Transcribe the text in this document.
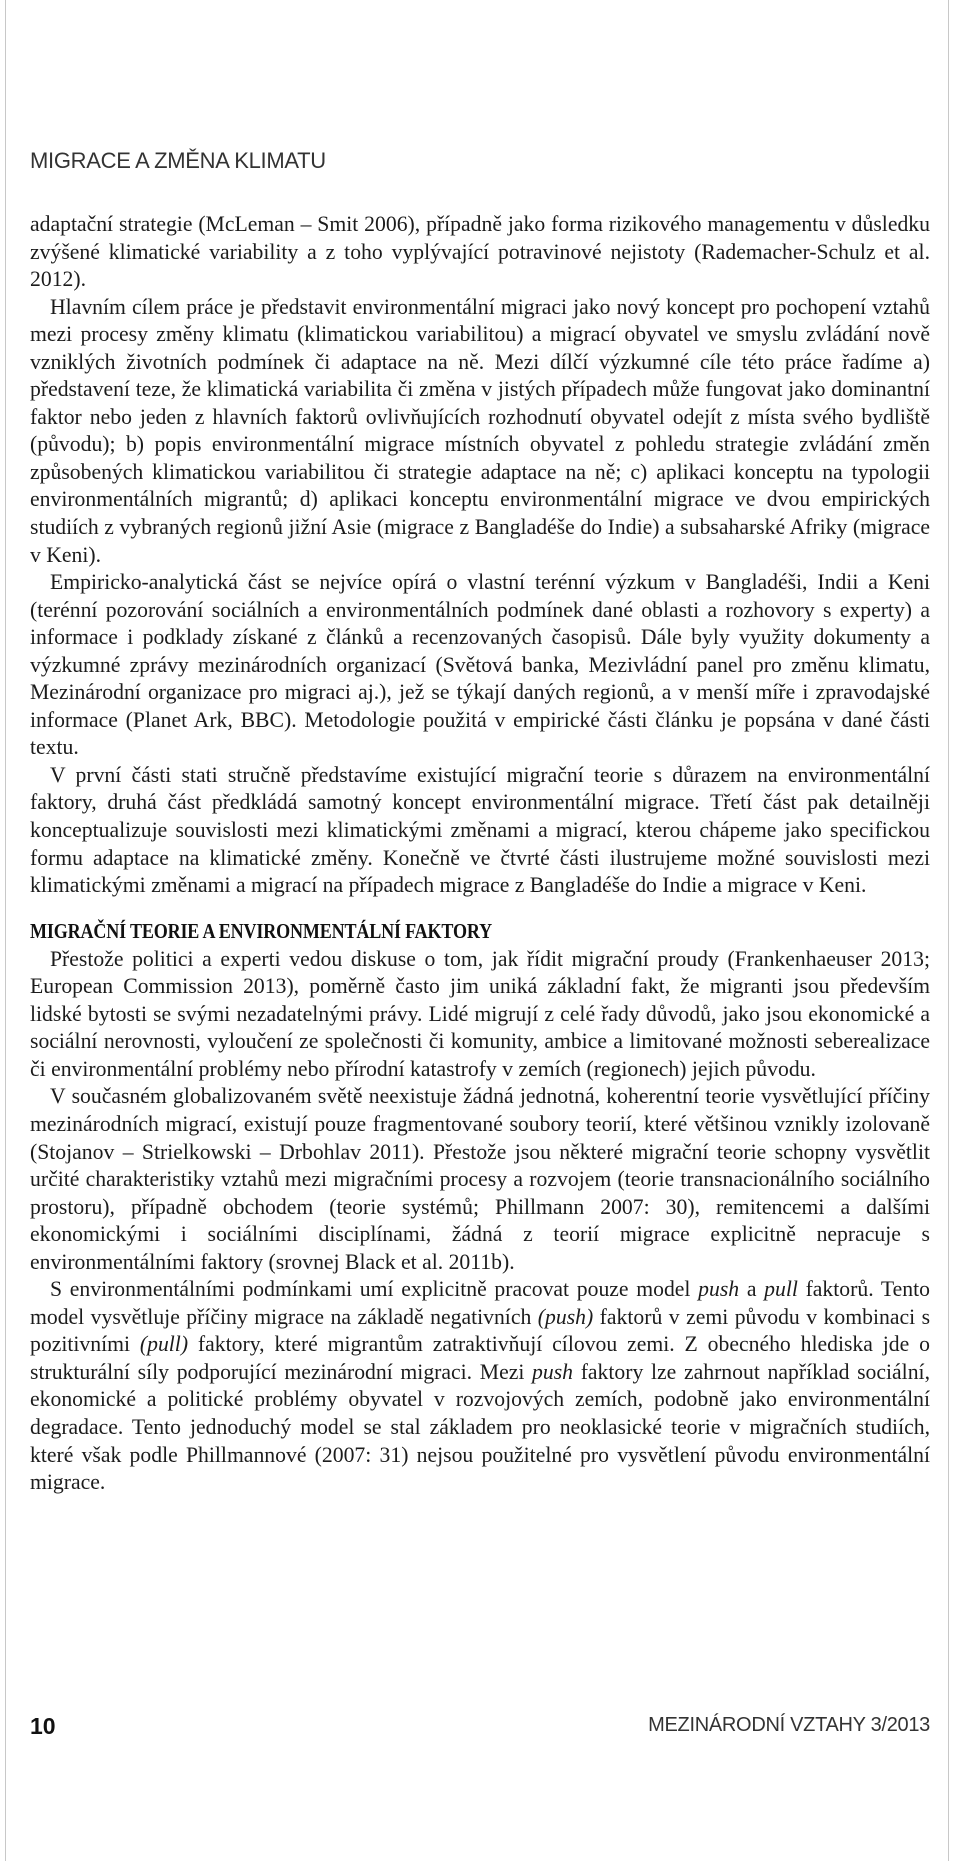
MIGRACE A ZMĚNA KLIMATU

adaptační strategie (McLeman – Smit 2006), případně jako forma rizikového managementu v důsledku zvýšené klimatické variability a z toho vyplývající potravinové nejistoty (Rademacher-Schulz et al. 2012).

Hlavním cílem práce je představit environmentální migraci jako nový koncept pro pochopení vztahů mezi procesy změny klimatu (klimatickou variabilitou) a migrací obyvatel ve smyslu zvládání nově vzniklých životních podmínek či adaptace na ně. Mezi dílčí výzkumné cíle této práce řadíme a) představení teze, že klimatická variabilita či změna v jistých případech může fungovat jako dominantní faktor nebo jeden z hlavních faktorů ovlivňujících rozhodnutí obyvatel odejít z místa svého bydliště (původu); b) popis environmentální migrace místních obyvatel z pohledu strategie zvládání změn způsobených klimatickou variabilitou či strategie adaptace na ně; c) aplikaci konceptu na typologii environmentálních migrantů; d) aplikaci konceptu environmentální migrace ve dvou empirických studiích z vybraných regionů jižní Asie (migrace z Bangladéše do Indie) a subsaharské Afriky (migrace v Keni).

Empiricko-analytická část se nejvíce opírá o vlastní terénní výzkum v Bangladéši, Indii a Keni (terénní pozorování sociálních a environmentálních podmínek dané oblasti a rozhovory s experty) a informace i podklady získané z článků a recenzovaných časopisů. Dále byly využity dokumenty a výzkumné zprávy mezinárodních organizací (Světová banka, Mezivládní panel pro změnu klimatu, Mezinárodní organizace pro migraci aj.), jež se týkají daných regionů, a v menší míře i zpravodajské informace (Planet Ark, BBC). Metodologie použitá v empirické části článku je popsána v dané části textu.

V první části stati stručně představíme existující migrační teorie s důrazem na environmentální faktory, druhá část předkládá samotný koncept environmentální migrace. Třetí část pak detailněji konceptualizuje souvislosti mezi klimatickými změnami a migrací, kterou chápeme jako specifickou formu adaptace na klimatické změny. Konečně ve čtvrté části ilustrujeme možné souvislosti mezi klimatickými změnami a migrací na případech migrace z Bangladéše do Indie a migrace v Keni.

MIGRAČNÍ TEORIE A ENVIRONMENTÁLNÍ FAKTORY

Přestože politici a experti vedou diskuse o tom, jak řídit migrační proudy (Frankenhaeuser 2013; European Commission 2013), poměrně často jim uniká základní fakt, že migranti jsou především lidské bytosti se svými nezadatelnými právy. Lidé migrují z celé řady důvodů, jako jsou ekonomické a sociální nerovnosti, vyloučení ze společnosti či komunity, ambice a limitované možnosti seberealizace či environmentální problémy nebo přírodní katastrofy v zemích (regionech) jejich původu.

V současném globalizovaném světě neexistuje žádná jednotná, koherentní teorie vysvětlující příčiny mezinárodních migrací, existují pouze fragmentované soubory teorií, které většinou vznikly izolovaně (Stojanov – Strielkowski – Drbohlav 2011). Přestože jsou některé migrační teorie schopny vysvětlit určité charakteristiky vztahů mezi migračními procesy a rozvojem (teorie transnacionálního sociálního prostoru), případně obchodem (teorie systémů; Phillmann 2007: 30), remitencemi a dalšími ekonomickými i sociálními disciplínami, žádná z teorií migrace explicitně nepracuje s environmentálními faktory (srovnej Black et al. 2011b).

S environmentálními podmínkami umí explicitně pracovat pouze model push a pull faktorů. Tento model vysvětluje příčiny migrace na základě negativních (push) faktorů v zemi původu v kombinaci s pozitivními (pull) faktory, které migrantům zatraktivňují cílovou zemi. Z obecného hlediska jde o strukturální síly podporující mezinárodní migraci. Mezi push faktory lze zahrnout například sociální, ekonomické a politické problémy obyvatel v rozvojových zemích, podobně jako environmentální degradace. Tento jednoduchý model se stal základem pro neoklasické teorie v migračních studiích, které však podle Phillmannové (2007: 31) nejsou použitelné pro vysvětlení původu environmentální migrace.

10	MEZINÁRODNÍ VZTAHY 3/2013
